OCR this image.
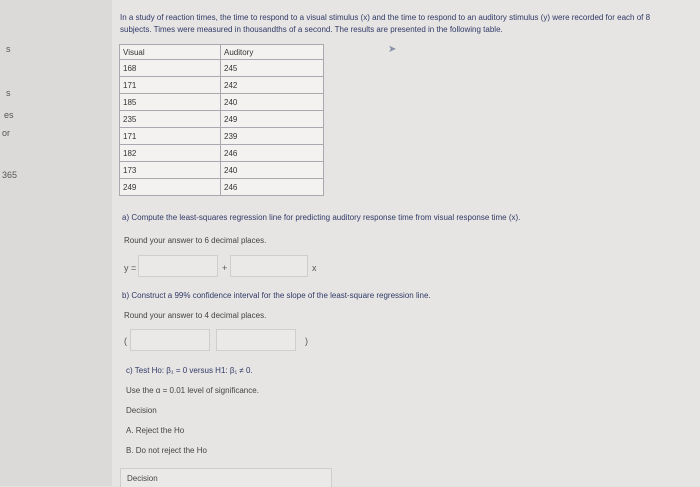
s
s
es
or
365
In a study of reaction times, the time to respond to a visual stimulus (x) and the time to respond to an auditory stimulus (y) were recorded for each of 8 subjects. Times were measured in thousandths of a second. The results are presented in the following table.
➤
Visual	Auditory
168	245
171	242
185	240
235	249
171	239
182	246
173	240
249	246
a) Compute the least-squares regression line for predicting auditory response time from visual response time (x).
Round your answer to 6 decimal places.
y =	+	x
b) Construct a 99% confidence interval for the slope of the least-square regression line.
Round your answer to 4 decimal places.
(	)
c) Test Ho: β₁ = 0 versus H1: β₁ ≠ 0.
Use the α = 0.01 level of significance.
Decision
A. Reject the Ho
B. Do not reject the Ho
Decision
